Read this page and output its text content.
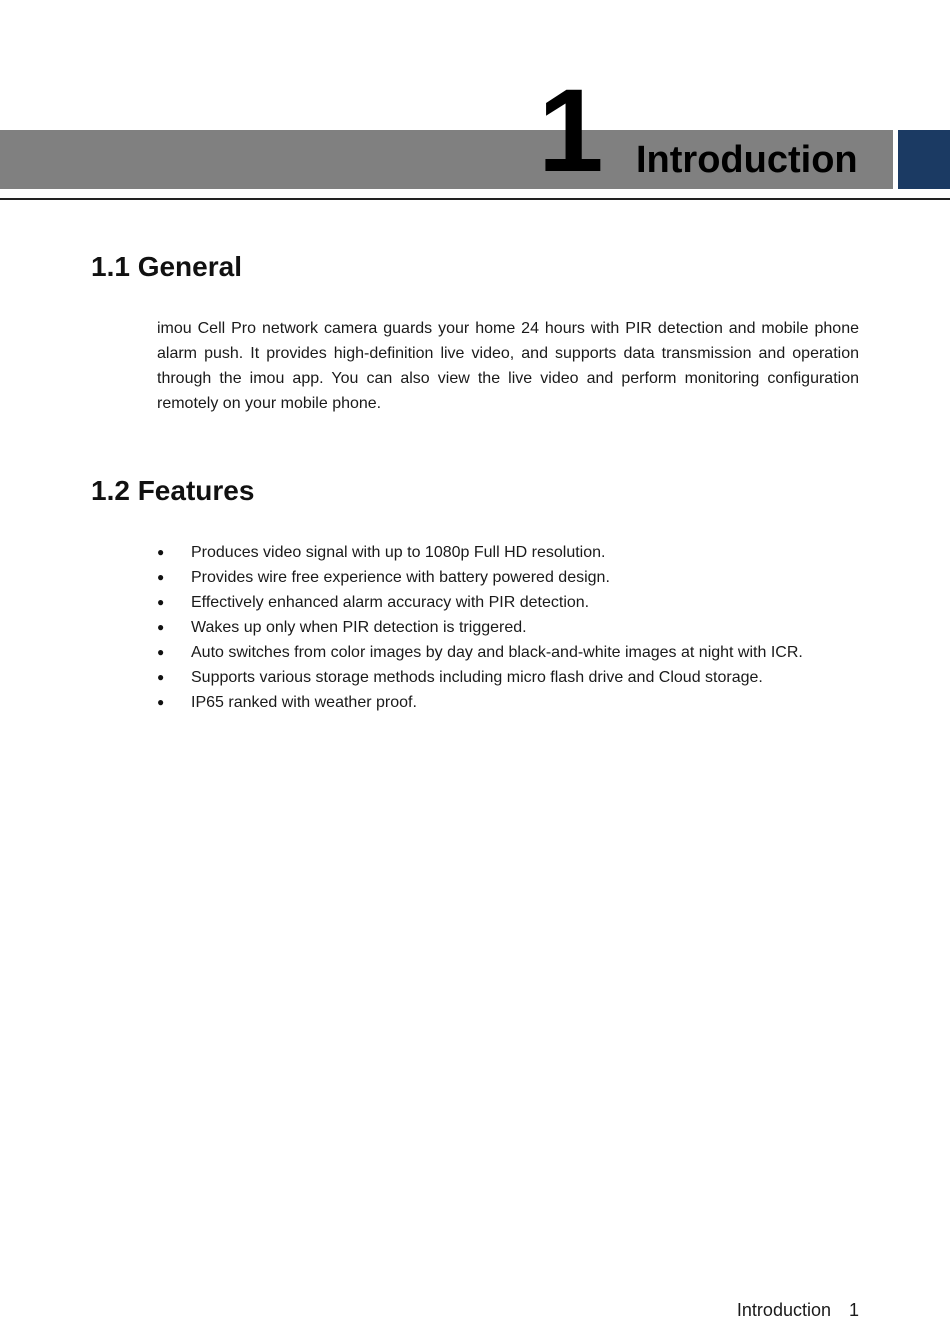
1 Introduction
1.1 General

imou Cell Pro network camera guards your home 24 hours with PIR detection and mobile phone alarm push. It provides high-definition live video, and supports data transmission and operation through the imou app. You can also view the live video and perform monitoring configuration remotely on your mobile phone.

1.2 Features
● Produces video signal with up to 1080p Full HD resolution.
● Provides wire free experience with battery powered design.
● Effectively enhanced alarm accuracy with PIR detection.
● Wakes up only when PIR detection is triggered.
● Auto switches from color images by day and black-and-white images at night with ICR.
● Supports various storage methods including micro flash drive and Cloud storage.
● IP65 ranked with weather proof.
Introduction 1
